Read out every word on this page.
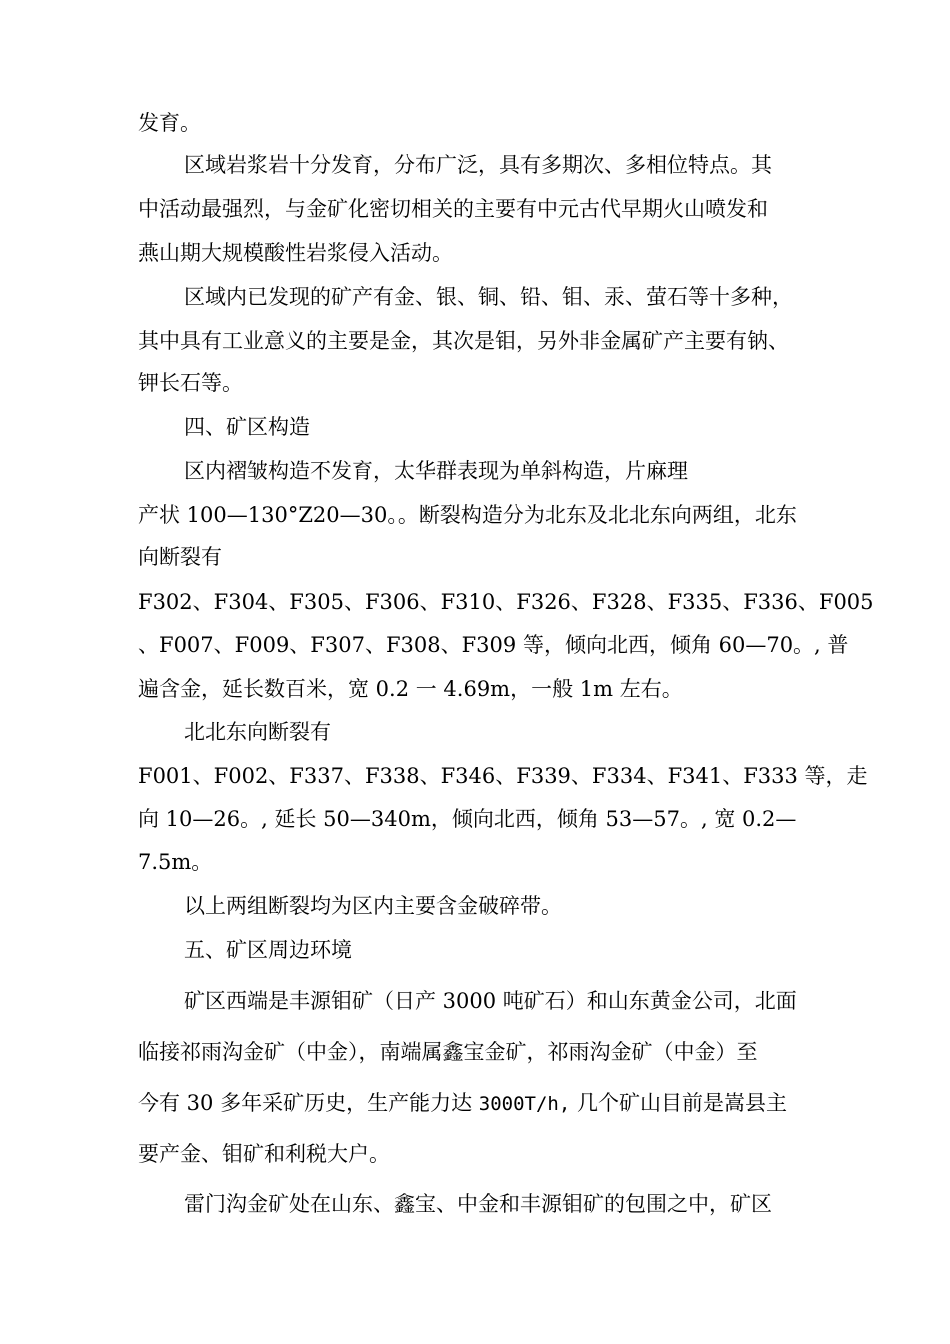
发育。
区域岩浆岩十分发育，分布广泛，具有多期次、多相位特点。其
中活动最强烈，与金矿化密切相关的主要有中元古代早期火山喷发和
燕山期大规模酸性岩浆侵入活动。
区域内已发现的矿产有金、银、铜、铅、钼、汞、萤石等十多种，
其中具有工业意义的主要是金，其次是钼，另外非金属矿产主要有钠、
钾长石等。
四、矿区构造
区内褶皱构造不发育，太华群表现为单斜构造，片麻理
产状 100—130°Z20—30。。断裂构造分为北东及北北东向两组，北东
向断裂有
F302、F304、F305、F306、F310、F326、F328、F335、F336、F005
、F007、F009、F307、F308、F309 等，倾向北西，倾角 60—70。, 普
遍含金，延长数百米，宽 0.2 一 4.69m，一般 1m 左右。
北北东向断裂有
F001、F002、F337、F338、F346、F339、F334、F341、F333 等，走
向 10—26。, 延长 50—340m，倾向北西，倾角 53—57。, 宽 0.2—
7.5m。
以上两组断裂均为区内主要含金破碎带。
五、矿区周边环境
矿区西端是丰源钼矿（日产 3000 吨矿石）和山东黄金公司，北面
临接祁雨沟金矿（中金），南端属鑫宝金矿，祁雨沟金矿（中金）至
今有 30 多年采矿历史，生产能力达 3000T/h, 几个矿山目前是嵩县主
要产金、钼矿和利税大户。
雷门沟金矿处在山东、鑫宝、中金和丰源钼矿的包围之中，矿区
